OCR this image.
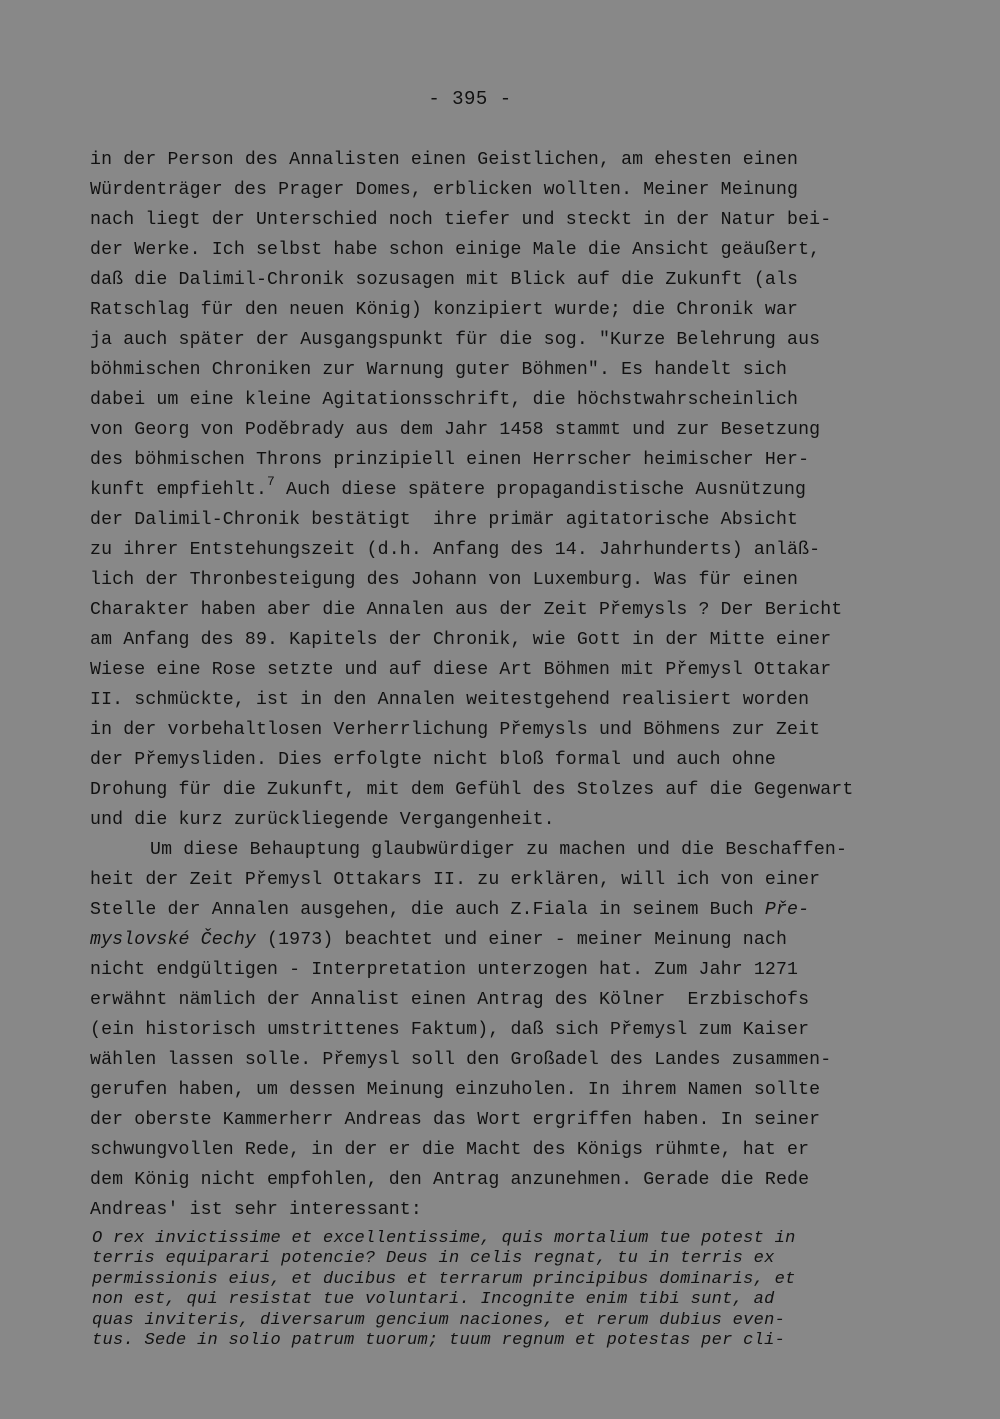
- 395 -
in der Person des Annalisten einen Geistlichen, am ehesten einen
Würdenträger des Prager Domes, erblicken wollten. Meiner Meinung
nach liegt der Unterschied noch tiefer und steckt in der Natur bei-
der Werke. Ich selbst habe schon einige Male die Ansicht geäußert,
daß die Dalimil-Chronik sozusagen mit Blick auf die Zukunft (als
Ratschlag für den neuen König) konzipiert wurde; die Chronik war
ja auch später der Ausgangspunkt für die sog. "Kurze Belehrung aus
böhmischen Chroniken zur Warnung guter Böhmen". Es handelt sich
dabei um eine kleine Agitationsschrift, die höchstwahrscheinlich
von Georg von Poděbrady aus dem Jahr 1458 stammt und zur Besetzung
des böhmischen Throns prinzipiell einen Herrscher heimischer Her-
kunft empfiehlt.$^7$ Auch diese spätere propagandistische Ausnützung
der Dalimil-Chronik bestätigt  ihre primär agitatorische Absicht
zu ihrer Entstehungszeit (d.h. Anfang des 14. Jahrhunderts) anläß-
lich der Thronbesteigung des Johann von Luxemburg. Was für einen
Charakter haben aber die Annalen aus der Zeit Přemysls ? Der Bericht
am Anfang des 89. Kapitels der Chronik, wie Gott in der Mitte einer
Wiese eine Rose setzte und auf diese Art Böhmen mit Přemysl Ottakar
II. schmückte, ist in den Annalen weitestgehend realisiert worden
in der vorbehaltlosen Verherrlichung Přemysls und Böhmens zur Zeit
der Přemysliden. Dies erfolgte nicht bloß formal und auch ohne
Drohung für die Zukunft, mit dem Gefühl des Stolzes auf die Gegenwart
und die kurz zurückliegende Vergangenheit.
Um diese Behauptung glaubwürdiger zu machen und die Beschaffen-
heit der Zeit Přemysl Ottakars II. zu erklären, will ich von einer
Stelle der Annalen ausgehen, die auch Z.Fiala in seinem Buch Pře-
myslovské Čechy (1973) beachtet und einer - meiner Meinung nach
nicht endgültigen - Interpretation unterzogen hat. Zum Jahr 1271
erwähnt nämlich der Annalist einen Antrag des Kölner  Erzbischofs
(ein historisch umstrittenes Faktum), daß sich Přemysl zum Kaiser
wählen lassen solle. Přemysl soll den Großadel des Landes zusammen-
gerufen haben, um dessen Meinung einzuholen. In ihrem Namen sollte
der oberste Kammerherr Andreas das Wort ergriffen haben. In seiner
schwungvollen Rede, in der er die Macht des Königs rühmte, hat er
dem König nicht empfohlen, den Antrag anzunehmen. Gerade die Rede
Andreas' ist sehr interessant:
O rex invictissime et excellentissime, quis mortalium tue potest in
terris equiparari potencie? Deus in celis regnat, tu in terris ex
permissionis eius, et ducibus et terrarum principibus dominaris, et
non est, qui resistat tue voluntari. Incognite enim tibi sunt, ad
quas inviteris, diversarum gencium naciones, et rerum dubius even-
tus. Sede in solio patrum tuorum; tuum regnum et potestas per cli-
